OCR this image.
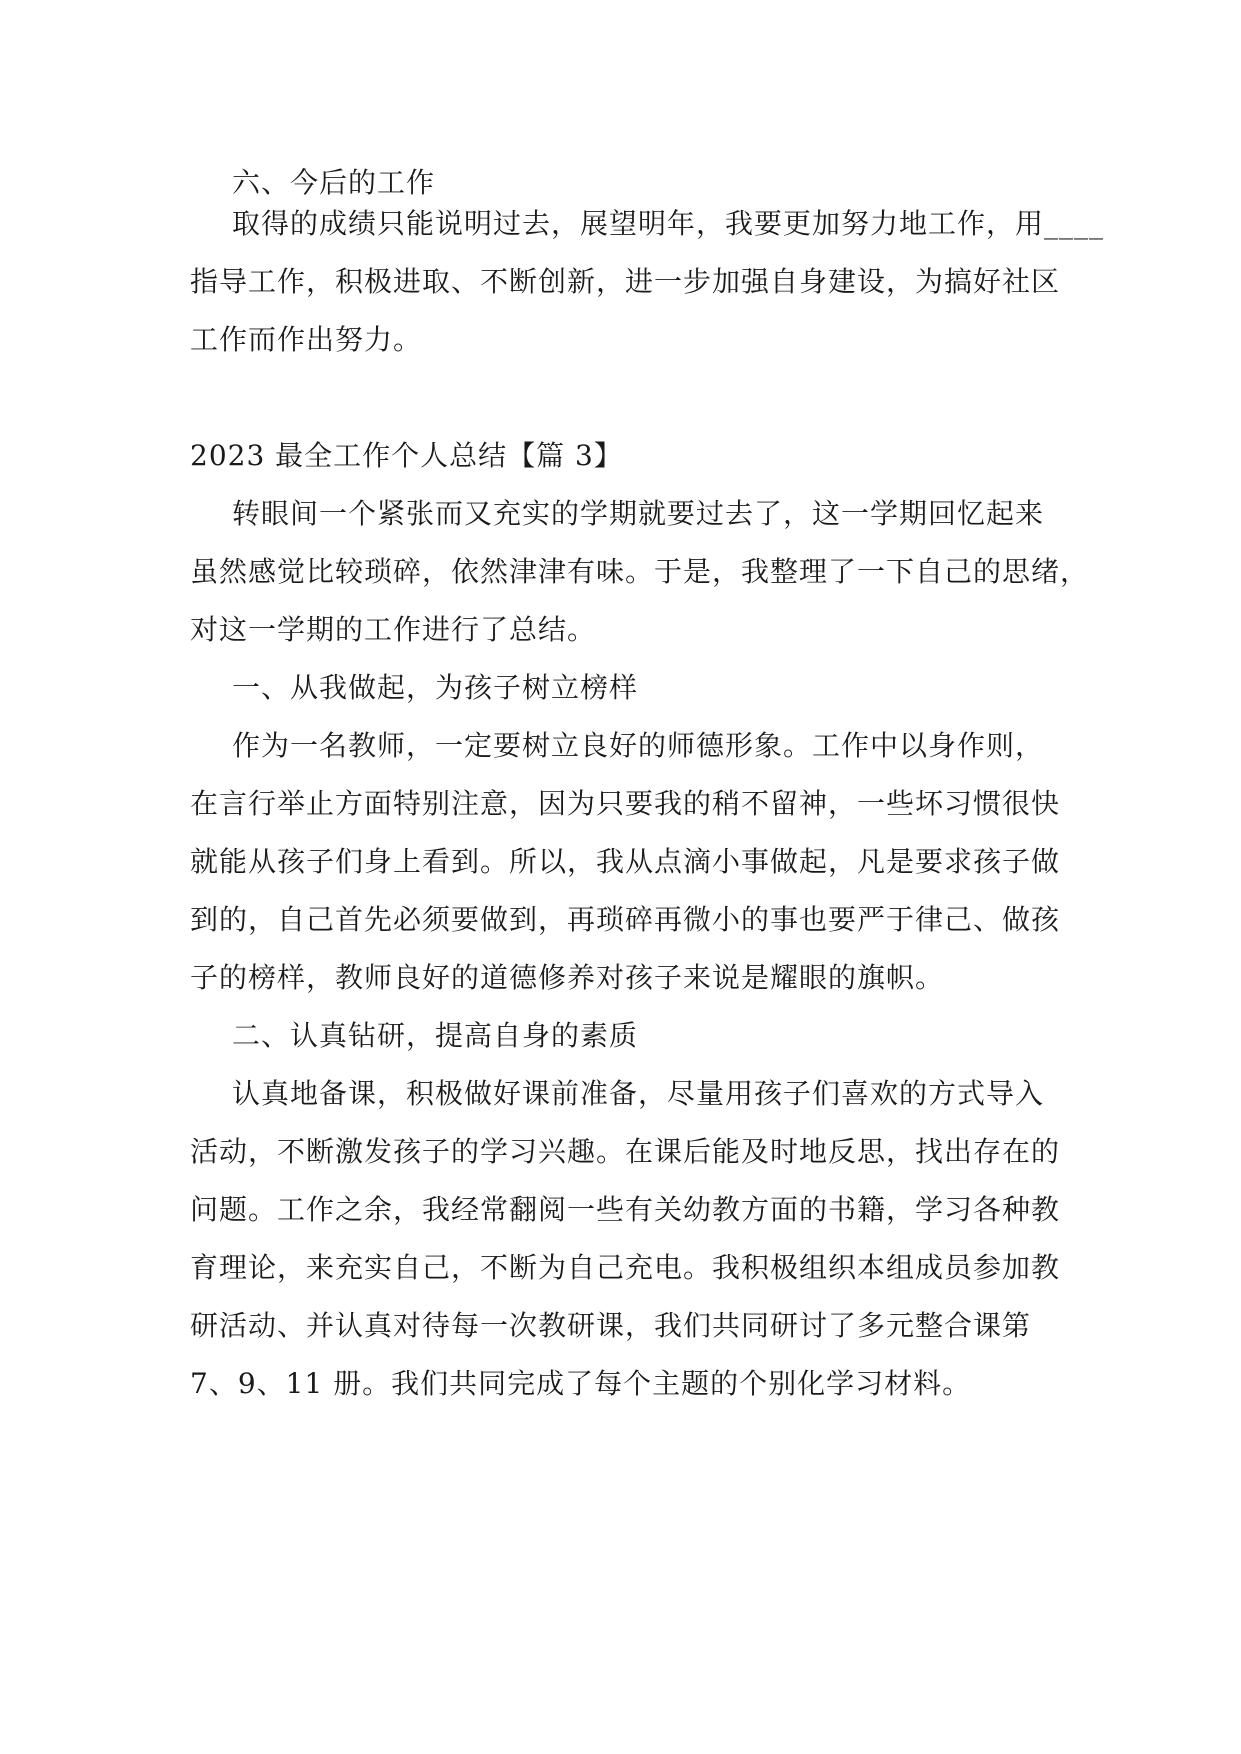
六、今后的工作
取得的成绩只能说明过去，展望明年，我要更加努力地工作，用____
指导工作，积极进取、不断创新，进一步加强自身建设，为搞好社区
工作而作出努力。
2023 最全工作个人总结【篇 3】
转眼间一个紧张而又充实的学期就要过去了，这一学期回忆起来
虽然感觉比较琐碎，依然津津有味。于是，我整理了一下自己的思绪，
对这一学期的工作进行了总结。
一、从我做起，为孩子树立榜样
作为一名教师，一定要树立良好的师德形象。工作中以身作则，
在言行举止方面特别注意，因为只要我的稍不留神，一些坏习惯很快
就能从孩子们身上看到。所以，我从点滴小事做起，凡是要求孩子做
到的，自己首先必须要做到，再琐碎再微小的事也要严于律己、做孩
子的榜样，教师良好的道德修养对孩子来说是耀眼的旗帜。
二、认真钻研，提高自身的素质
认真地备课，积极做好课前准备，尽量用孩子们喜欢的方式导入
活动，不断激发孩子的学习兴趣。在课后能及时地反思，找出存在的
问题。工作之余，我经常翻阅一些有关幼教方面的书籍，学习各种教
育理论，来充实自己，不断为自己充电。我积极组织本组成员参加教
研活动、并认真对待每一次教研课，我们共同研讨了多元整合课第
7、9、11 册。我们共同完成了每个主题的个别化学习材料。
